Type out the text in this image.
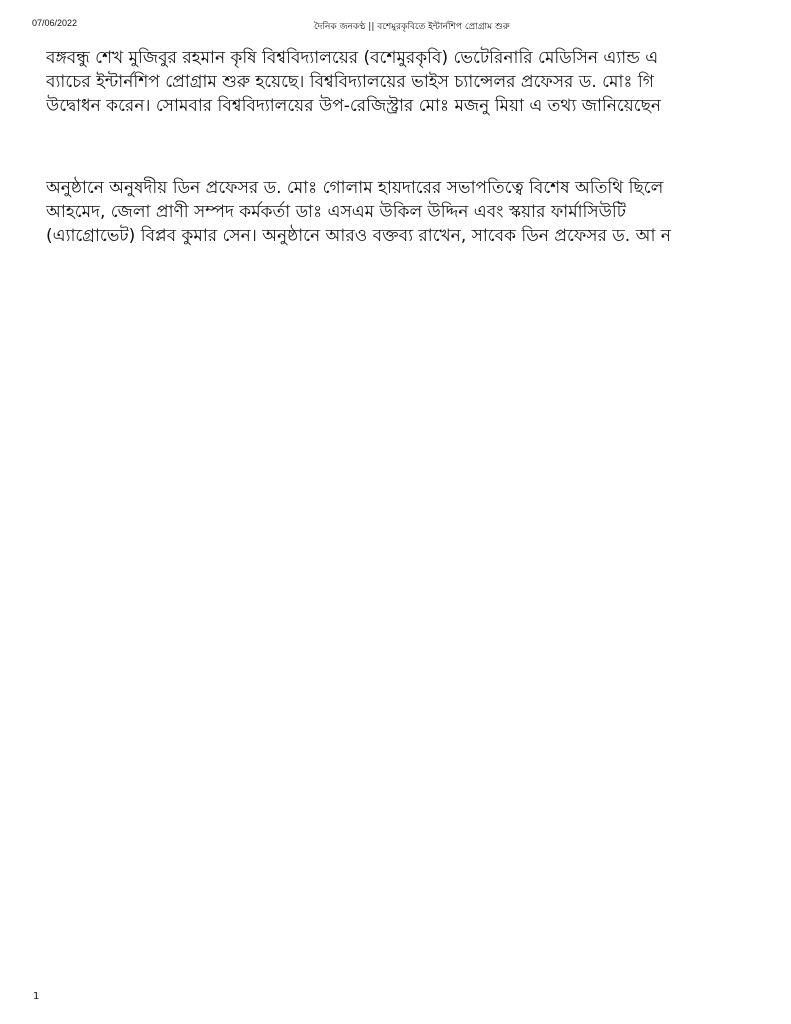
07/06/2022	দৈনিক জনকণ্ঠ || বশেমুরকৃবিতে ইন্টার্নশিপ প্রোগ্রাম শুরু
বঙ্গবন্ধু শেখ মুজিবুর রহমান কৃষি বিশ্ববিদ্যালয়ের (বশেমুরকৃবি) ভেটেরিনারি মেডিসিন এ্যান্ড এ
ব্যাচের ইন্টার্নশিপ প্রোগ্রাম শুরু হয়েছে। বিশ্ববিদ্যালয়ের ভাইস চ্যান্সেলর প্রফেসর ড. মোঃ গি
উদ্বোধন করেন। সোমবার বিশ্ববিদ্যালয়ের উপ-রেজিস্ট্রার মোঃ মজনু মিয়া এ তথ্য জানিয়েছেন
অনুষ্ঠানে অনুষদীয় ডিন প্রফেসর ড. মোঃ গোলাম হায়দারের সভাপতিত্বে বিশেষ অতিথি ছিলে
আহমেদ, জেলা প্রাণী সম্পদ কর্মকর্তা ডাঃ এসএম উকিল উদ্দিন এবং স্কয়ার ফার্মাসিউটি
(এ্যাগ্রোভেট) বিপ্লব কুমার সেন। অনুষ্ঠানে আরও বক্তব্য রাখেন, সাবেক ডিন প্রফেসর ড. আ ন
1
